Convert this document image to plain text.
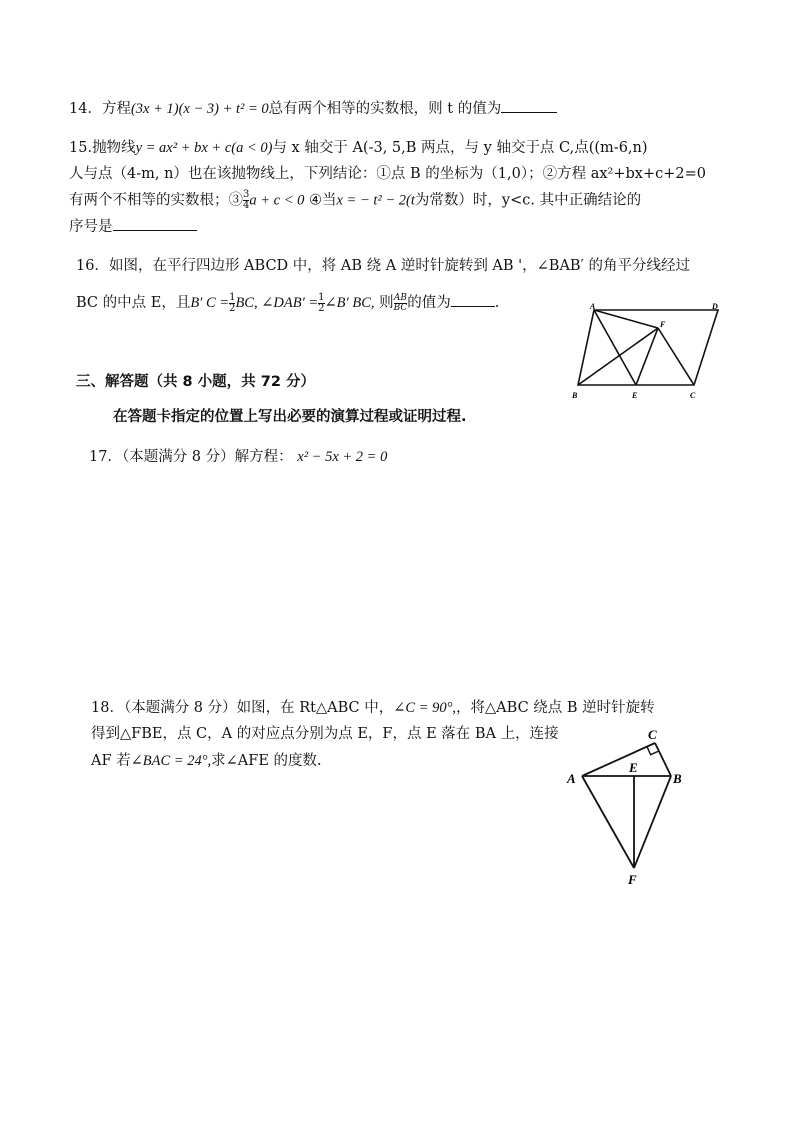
14．方程(3x + 1)(x − 3) + t² = 0总有两个相等的实数根，则 t 的值为
15.抛物线y = ax² + bx + c(a < 0)与 x 轴交于 A(-3, 5,B 两点，与 y 轴交于点 C,点((m-6,n)
人与点（4-m, n）也在该抛物线上，下列结论：①点 B 的坐标为（1,0）；②方程 ax²+bx+c+2=0
有两个不相等的实数根；③ $\frac{3}{4}$ a + c < 0 ④当x = − t² − 2(t为常数）时，y<c. 其中正确结论的
序号是
16．如图，在平行四边形 ABCD 中，将 AB 绕 A 逆时针旋转到 AB '，∠BAB′ 的角平分线经过
BC 的中点 E，且B′ $C = \frac{1}{2}$ BC, ∠DAB′ = $\frac{1}{2}$ ∠B′ BC, 则 $\frac{AB}{BC}$ 的值为	.	A	D
F
B	E	C
三、解答题（共 8 小题，共 72 分）
在答题卡指定的位置上写出必要的演算过程或证明过程.
17．（本题满分 8 分）解方程： x² − 5x + 2 = 0
18．（本题满分 8 分）如图，在 Rt△ABC 中，∠C = 90°,，将△ABC 绕点 B 逆时针旋转
得到△FBE，点 C，A 的对应点分别为点 E，F，点 E 落在 BA 上，连接
AF 若∠BAC = 24°,求∠AFE 的度数.
C
A
E
B
F
